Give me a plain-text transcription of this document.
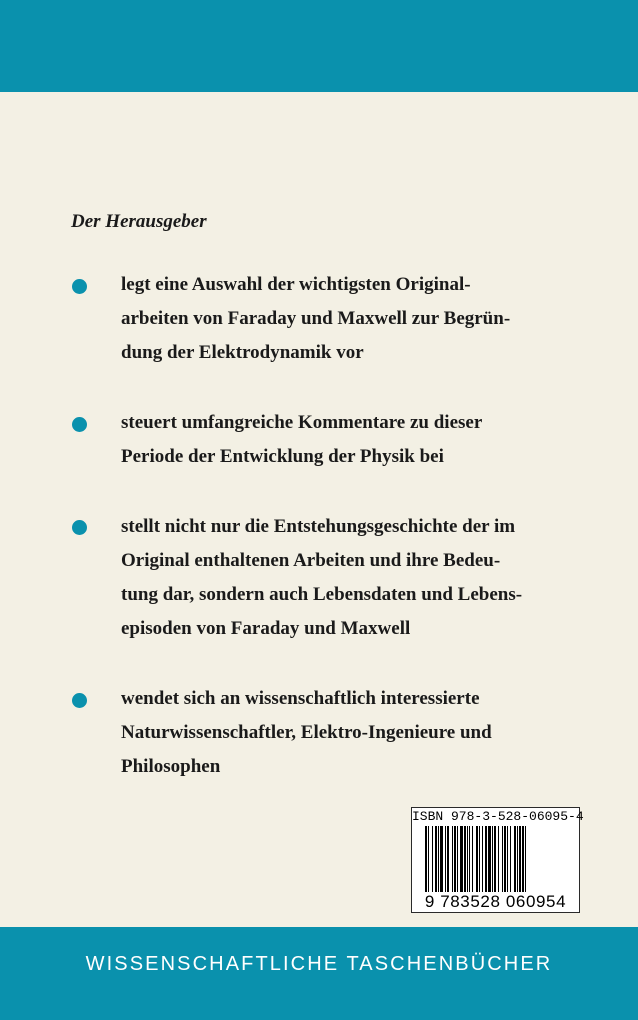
Der Herausgeber
legt eine Auswahl der wichtigsten Original-
arbeiten von Faraday und Maxwell zur Begrün-
dung der Elektrodynamik vor
steuert umfangreiche Kommentare zu dieser
Periode der Entwicklung der Physik bei
stellt nicht nur die Entstehungsgeschichte der im
Original enthaltenen Arbeiten und ihre Bedeu-
tung dar, sondern auch Lebensdaten und Lebens-
episoden von Faraday und Maxwell
wendet sich an wissenschaftlich interessierte
Naturwissenschaftler, Elektro-Ingenieure und
Philosophen
ISBN 978-3-528-06095-4
9 783528 060954
WISSENSCHAFTLICHE TASCHENBÜCHER
